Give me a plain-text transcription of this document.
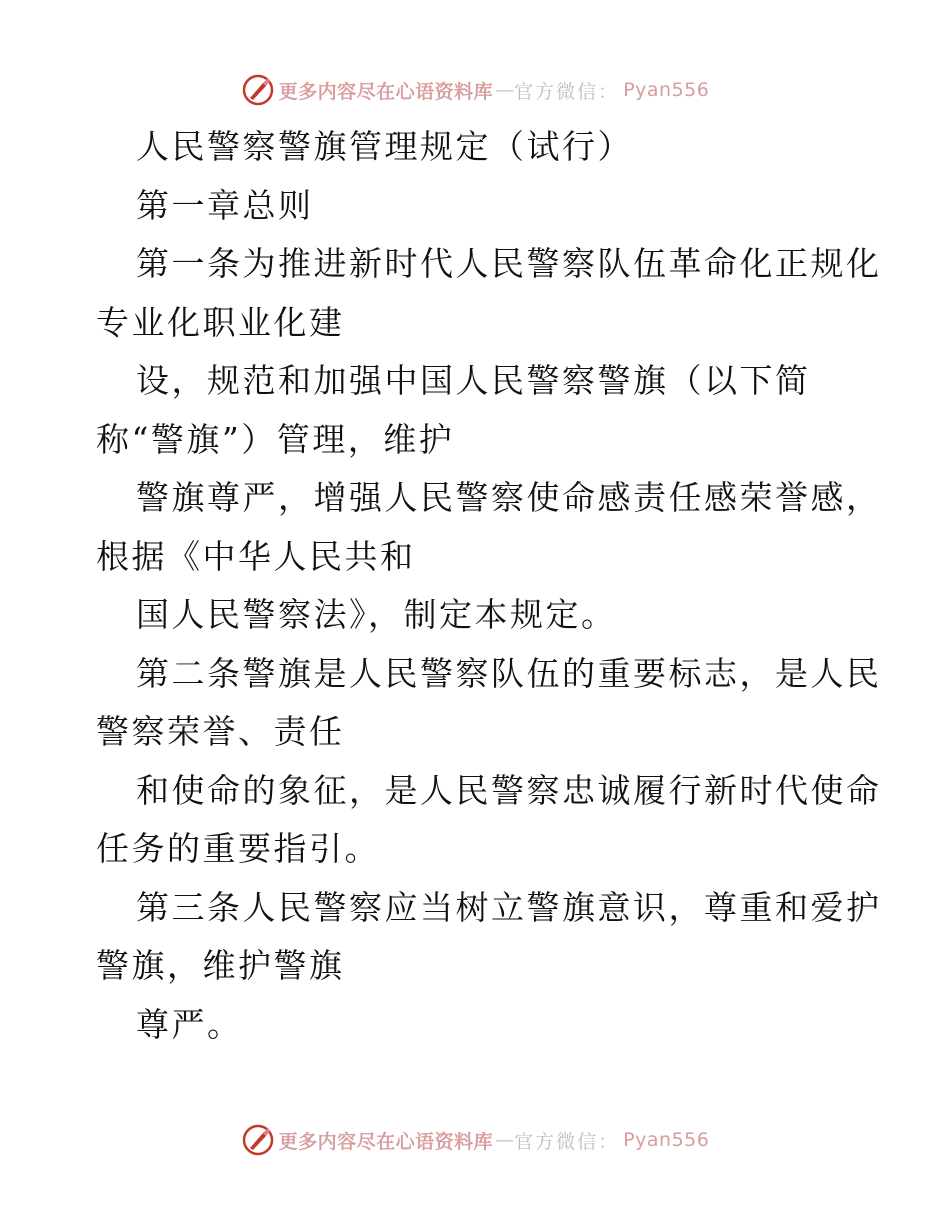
更多内容尽在心语资料库 — 官方微信： Pyan556
人民警察警旗管理规定（试行）
第一章总则
第一条为推进新时代人民警察队伍革命化正规化
专业化职业化建
设，规范和加强中国人民警察警旗（以下简
称“警旗”）管理，维护
警旗尊严，增强人民警察使命感责任感荣誉感，
根据《中华人民共和
国人民警察法》，制定本规定。
第二条警旗是人民警察队伍的重要标志，是人民
警察荣誉、责任
和使命的象征，是人民警察忠诚履行新时代使命
任务的重要指引。
第三条人民警察应当树立警旗意识，尊重和爱护
警旗，维护警旗
尊严。
更多内容尽在心语资料库 — 官方微信： Pyan556
